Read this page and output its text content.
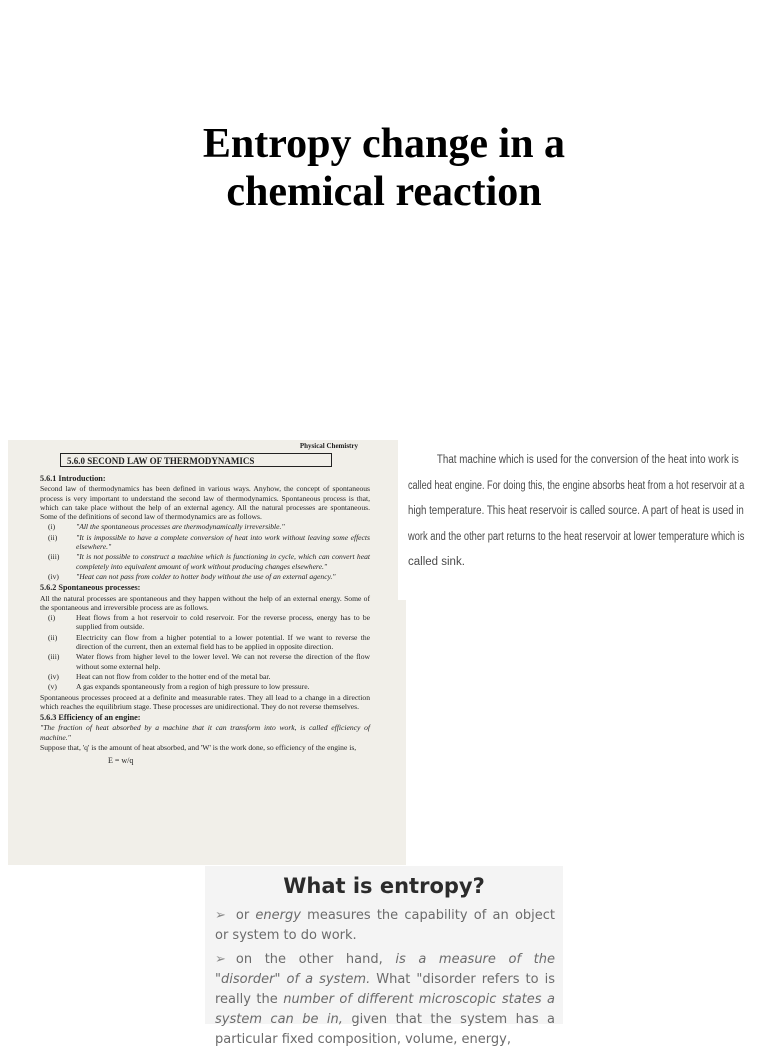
Entropy change in a
chemical reaction
Physical Chemistry
5.6.0 SECOND LAW OF THERMODYNAMICS
5.6.1 Introduction:

Second law of thermodynamics has been defined in various ways. Anyhow, the concept of spontaneous process is very important to understand the second law of thermodynamics. Spontaneous process is that, which can take place without the help of an external agency. All the natural processes are spontaneous. Some of the definitions of second law of thermodynamics are as follows.

(i)	"All the spontaneous processes are thermodynamically irreversible."
(ii)	"It is impossible to have a complete conversion of heat into work without leaving some effects elsewhere."
(iii)	"It is not possible to construct a machine which is functioning in cycle, which can convert heat completely into equivalent amount of work without producing changes elsewhere."
(iv)	"Heat can not pass from colder to hotter body without the use of an external agency."
5.6.2 Spontaneous processes:

All the natural processes are spontaneous and they happen without the help of an external energy. Some of the spontaneous and irreversible process are as follows.

(i)	Heat flows from a hot reservoir to cold reservoir. For the reverse process, energy has to be supplied from outside.
(ii)	Electricity can flow from a higher potential to a lower potential. If we want to reverse the direction of the current, then an external field has to be applied in opposite direction.
(iii)	Water flows from higher level to the lower level. We can not reverse the direction of the flow without some external help.
(iv)	Heat can not flow from colder to the hotter end of the metal bar.
(v)	A gas expands spontaneously from a region of high pressure to low pressure.

Spontaneous processes proceed at a definite and measurable rates. They all lead to a change in a direction which reaches the equilibrium stage. These processes are unidirectional. They do not reverse themselves.

5.6.3 Efficiency of an engine:

"The fraction of heat absorbed by a machine that it can transform into work, is called efficiency of machine."

Suppose that, 'q' is the amount of heat absorbed, and 'W' is the work done, so efficiency of the engine is,

E = w/q
That machine which is used for the conversion of the heat into work is
called heat engine. For doing this, the engine absorbs heat from a hot reservoir at a
high temperature. This heat reservoir is called source. A part of heat is used in
work and the other part returns to the heat reservoir at lower temperature which is
called sink.
What is entropy?
➢ or energy measures the capability of an object or system to do work.
➢ on the other hand, is a measure of the "disorder" of a system. What "disorder refers to is really the number of different microscopic states a system can be in, given that the system has a particular fixed composition, volume, energy,
